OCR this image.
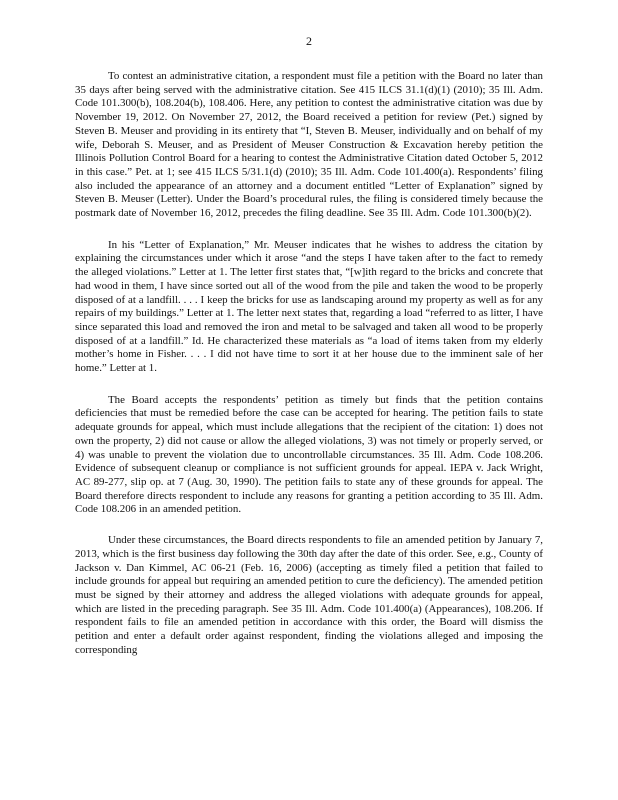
2

To contest an administrative citation, a respondent must file a petition with the Board no later than 35 days after being served with the administrative citation. See 415 ILCS 31.1(d)(1) (2010); 35 Ill. Adm. Code 101.300(b), 108.204(b), 108.406. Here, any petition to contest the administrative citation was due by November 19, 2012. On November 27, 2012, the Board received a petition for review (Pet.) signed by Steven B. Meuser and providing in its entirety that “I, Steven B. Meuser, individually and on behalf of my wife, Deborah S. Meuser, and as President of Meuser Construction & Excavation hereby petition the Illinois Pollution Control Board for a hearing to contest the Administrative Citation dated October 5, 2012 in this case.” Pet. at 1; see 415 ILCS 5/31.1(d) (2010); 35 Ill. Adm. Code 101.400(a). Respondents’ filing also included the appearance of an attorney and a document entitled “Letter of Explanation” signed by Steven B. Meuser (Letter). Under the Board’s procedural rules, the filing is considered timely because the postmark date of November 16, 2012, precedes the filing deadline. See 35 Ill. Adm. Code 101.300(b)(2).

In his “Letter of Explanation,” Mr. Meuser indicates that he wishes to address the citation by explaining the circumstances under which it arose “and the steps I have taken after to the fact to remedy the alleged violations.” Letter at 1. The letter first states that, “[w]ith regard to the bricks and concrete that had wood in them, I have since sorted out all of the wood from the pile and taken the wood to be properly disposed of at a landfill. . . . I keep the bricks for use as landscaping around my property as well as for any repairs of my buildings.” Letter at 1. The letter next states that, regarding a load “referred to as litter, I have since separated this load and removed the iron and metal to be salvaged and taken all wood to be properly disposed of at a landfill.” Id. He characterized these materials as “a load of items taken from my elderly mother’s home in Fisher. . . . I did not have time to sort it at her house due to the imminent sale of her home.” Letter at 1.

The Board accepts the respondents’ petition as timely but finds that the petition contains deficiencies that must be remedied before the case can be accepted for hearing. The petition fails to state adequate grounds for appeal, which must include allegations that the recipient of the citation: 1) does not own the property, 2) did not cause or allow the alleged violations, 3) was not timely or properly served, or 4) was unable to prevent the violation due to uncontrollable circumstances. 35 Ill. Adm. Code 108.206. Evidence of subsequent cleanup or compliance is not sufficient grounds for appeal. IEPA v. Jack Wright, AC 89-277, slip op. at 7 (Aug. 30, 1990). The petition fails to state any of these grounds for appeal. The Board therefore directs respondent to include any reasons for granting a petition according to 35 Ill. Adm. Code 108.206 in an amended petition.

Under these circumstances, the Board directs respondents to file an amended petition by January 7, 2013, which is the first business day following the 30th day after the date of this order. See, e.g., County of Jackson v. Dan Kimmel, AC 06-21 (Feb. 16, 2006) (accepting as timely filed a petition that failed to include grounds for appeal but requiring an amended petition to cure the deficiency). The amended petition must be signed by their attorney and address the alleged violations with adequate grounds for appeal, which are listed in the preceding paragraph. See 35 Ill. Adm. Code 101.400(a) (Appearances), 108.206. If respondent fails to file an amended petition in accordance with this order, the Board will dismiss the petition and enter a default order against respondent, finding the violations alleged and imposing the corresponding
